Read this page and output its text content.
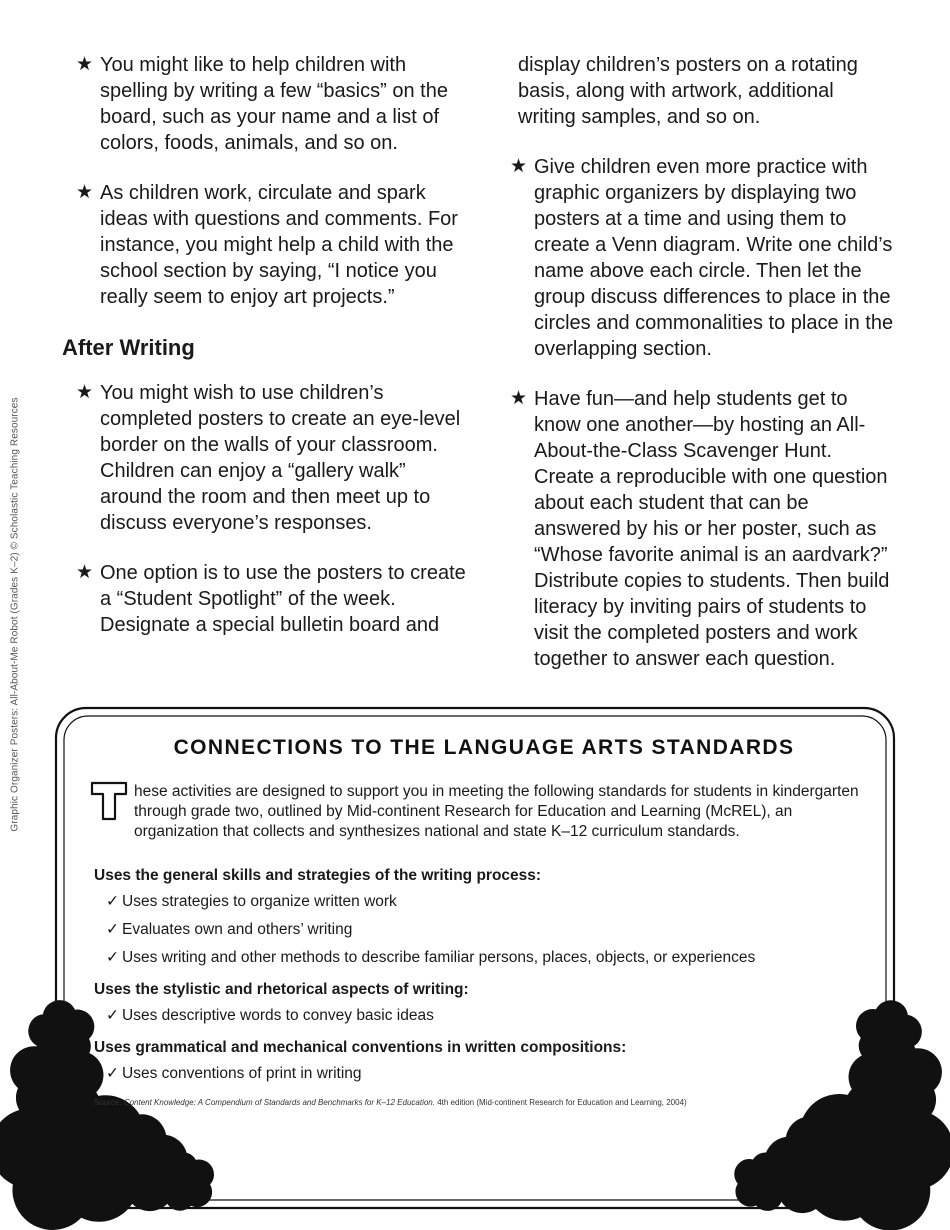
Graphic Organizer Posters: All-About-Me Robot (Grades K–2) © Scholastic Teaching Resources
★ You might like to help children with spelling by writing a few “basics” on the board, such as your name and a list of colors, foods, animals, and so on.
★ As children work, circulate and spark ideas with questions and comments. For instance, you might help a child with the school section by saying, “I notice you really seem to enjoy art projects.”
After Writing
★ You might wish to use children’s completed posters to create an eye-level border on the walls of your classroom. Children can enjoy a “gallery walk” around the room and then meet up to discuss everyone’s responses.
★ One option is to use the posters to create a “Student Spotlight” of the week. Designate a special bulletin board and
display children’s posters on a rotating basis, along with artwork, additional writing samples, and so on.
★ Give children even more practice with graphic organizers by displaying two posters at a time and using them to create a Venn diagram. Write one child’s name above each circle. Then let the group discuss differences to place in the circles and commonalities to place in the overlapping section.
★ Have fun—and help students get to know one another—by hosting an All-About-the-Class Scavenger Hunt. Create a reproducible with one question about each student that can be answered by his or her poster, such as “Whose favorite animal is an aardvark?” Distribute copies to students. Then build literacy by inviting pairs of students to visit the completed posters and work together to answer each question.
CONNECTIONS TO THE LANGUAGE ARTS STANDARDS
T
hese activities are designed to support you in meeting the following standards for students in kindergarten through grade two, outlined by Mid-continent Research for Education and Learning (McREL), an organization that collects and synthesizes national and state K–12 curriculum standards.
Uses the general skills and strategies of the writing process:
✓ Uses strategies to organize written work
✓ Evaluates own and others’ writing
✓ Uses writing and other methods to describe familiar persons, places, objects, or experiences
Uses the stylistic and rhetorical aspects of writing:
✓ Uses descriptive words to convey basic ideas
Uses grammatical and mechanical conventions in written compositions:
✓ Uses conventions of print in writing
Source: Content Knowledge: A Compendium of Standards and Benchmarks for K–12 Education. 4th edition (Mid-continent Research for Education and Learning, 2004)
